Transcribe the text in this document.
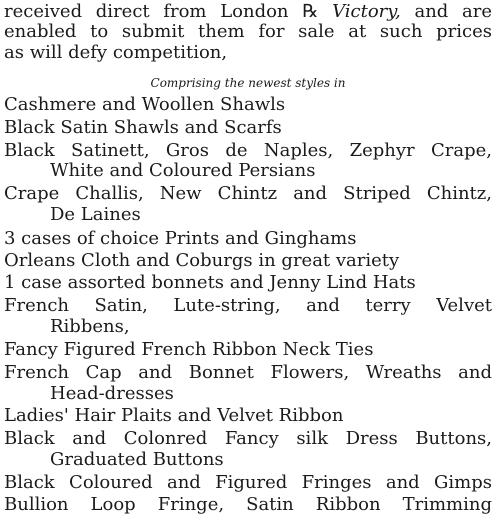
received direct from London ℞ Victory, and are
enabled to submit them for sale at such prices
as will defy competition,
Comprising the newest styles in
Cashmere and Woollen Shawls
Black Satin Shawls and Scarfs
Black Satinett, Gros de Naples, Zephyr Crape,
White and Coloured Persians
Crape Challis, New Chintz and Striped Chintz,
De Laines
3 cases of choice Prints and Ginghams
Orleans Cloth and Coburgs in great variety
1 case assorted bonnets and Jenny Lind Hats
French Satin, Lute-string, and terry Velvet
Ribbens,
Fancy Figured French Ribbon Neck Ties
French Cap and Bonnet Flowers, Wreaths and
Head-dresses
Ladies' Hair Plaits and Velvet Ribbon
Black and Colonred Fancy silk Dress Buttons,
Graduated Buttons
Black Coloured and Figured Fringes and Gimps
Bullion Loop Fringe, Satin Ribbon Trimming
